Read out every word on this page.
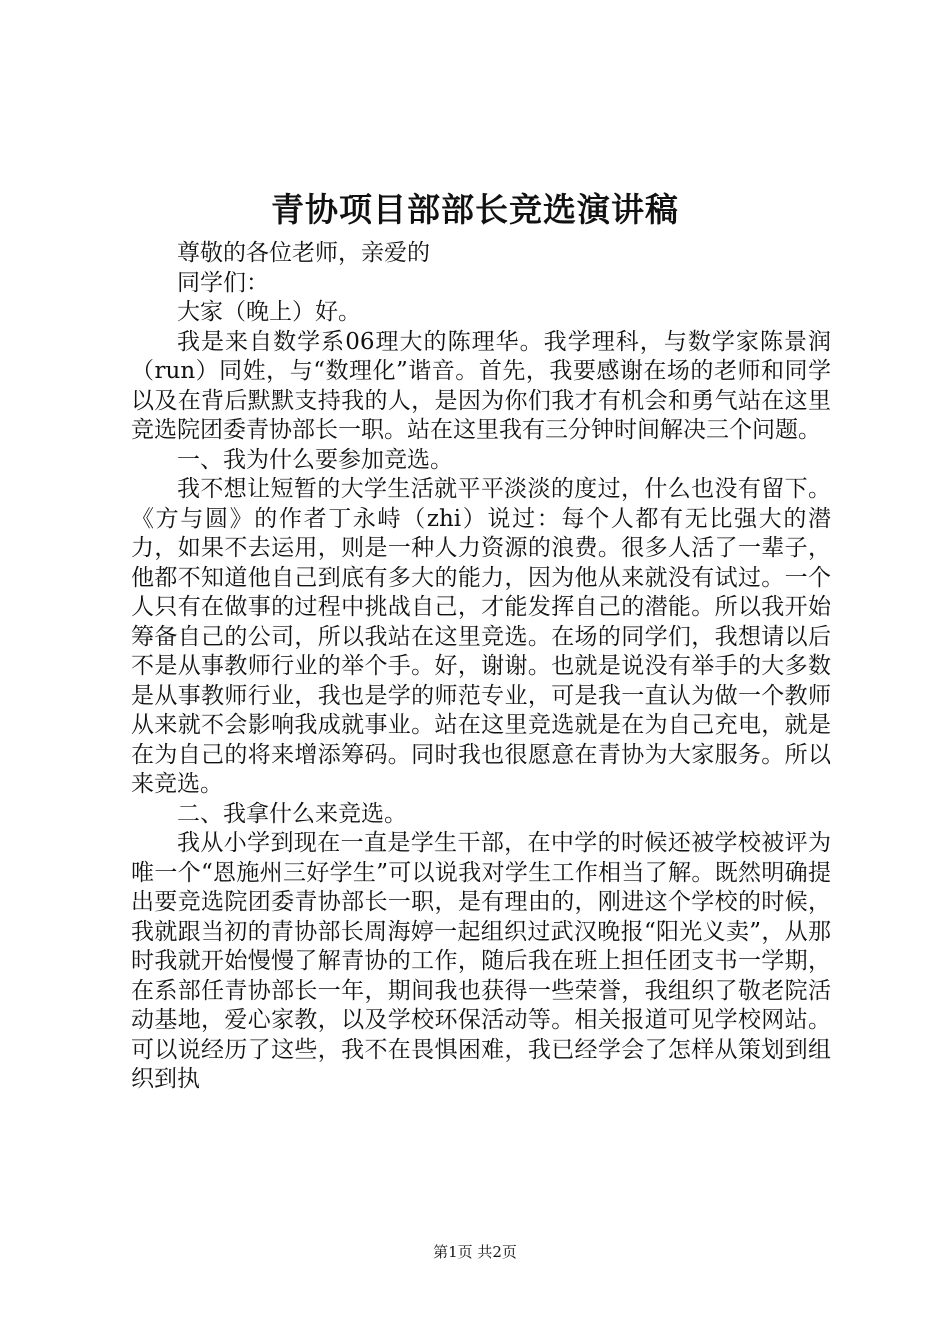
青协项目部部长竞选演讲稿

尊敬的各位老师，亲爱的

同学们：

大家（晚上）好。

我是来自数学系06理大的陈理华。我学理科，与数学家陈景润（run）同姓，与“数理化”谐音。首先，我要感谢在场的老师和同学以及在背后默默支持我的人，是因为你们我才有机会和勇气站在这里竞选院团委青协部长一职。站在这里我有三分钟时间解决三个问题。

一、我为什么要参加竞选。

我不想让短暂的大学生活就平平淡淡的度过，什么也没有留下。《方与圆》的作者丁永峙（zhi）说过：每个人都有无比强大的潜力，如果不去运用，则是一种人力资源的浪费。很多人活了一辈子，他都不知道他自己到底有多大的能力，因为他从来就没有试过。一个人只有在做事的过程中挑战自己，才能发挥自己的潜能。所以我开始筹备自己的公司，所以我站在这里竞选。在场的同学们，我想请以后不是从事教师行业的举个手。好，谢谢。也就是说没有举手的大多数是从事教师行业，我也是学的师范专业，可是我一直认为做一个教师从来就不会影响我成就事业。站在这里竞选就是在为自己充电，就是在为自己的将来增添筹码。同时我也很愿意在青协为大家服务。所以来竞选。

二、我拿什么来竞选。

我从小学到现在一直是学生干部，在中学的时候还被学校被评为唯一个“恩施州三好学生”可以说我对学生工作相当了解。既然明确提出要竞选院团委青协部长一职，是有理由的，刚进这个学校的时候，我就跟当初的青协部长周海婷一起组织过武汉晚报“阳光义卖”，从那时我就开始慢慢了解青协的工作，随后我在班上担任团支书一学期，在系部任青协部长一年，期间我也获得一些荣誉，我组织了敬老院活动基地，爱心家教，以及学校环保活动等。相关报道可见学校网站。可以说经历了这些，我不在畏惧困难，我已经学会了怎样从策划到组织到执

第1页 共2页
